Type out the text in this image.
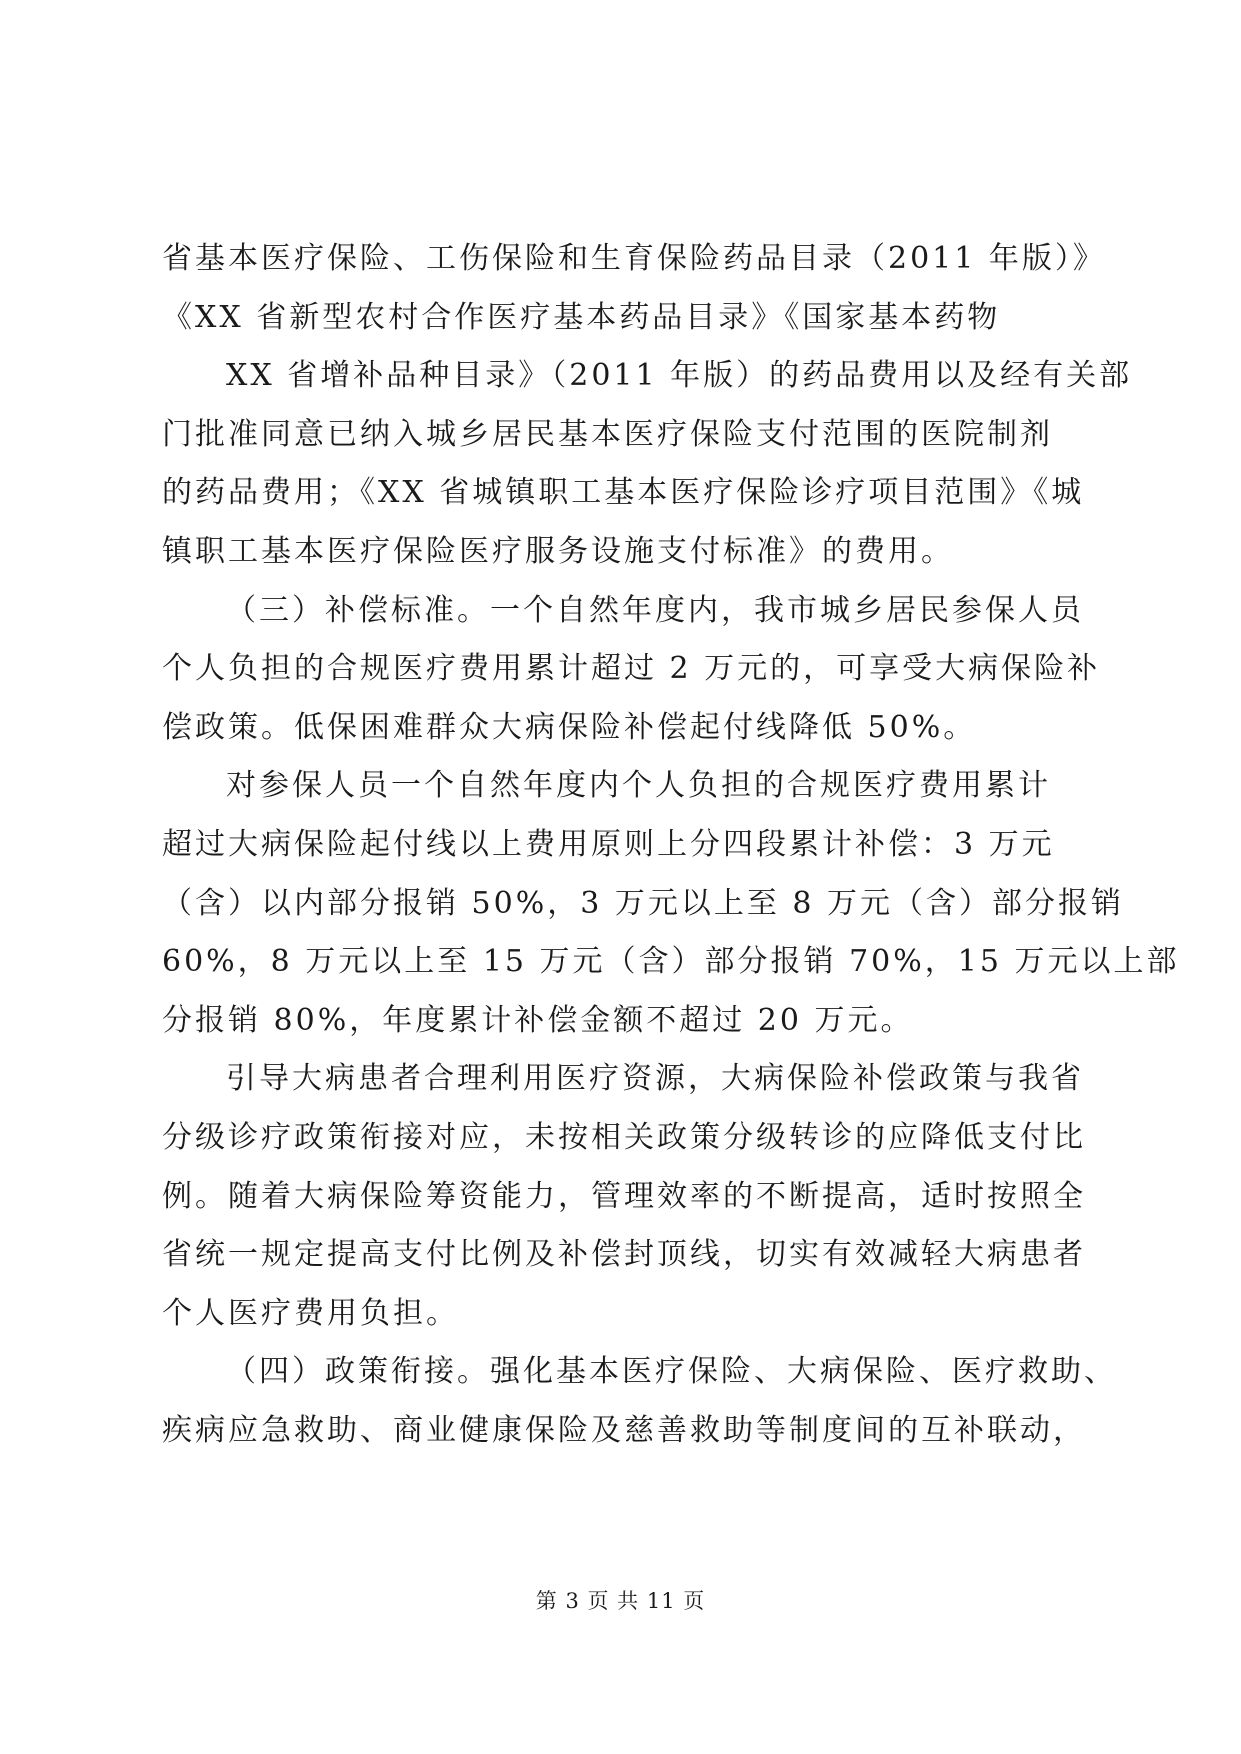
省基本医疗保险、工伤保险和生育保险药品目录（2011 年版）》
《XX 省新型农村合作医疗基本药品目录》《国家基本药物
XX 省增补品种目录》（2011 年版）的药品费用以及经有关部
门批准同意已纳入城乡居民基本医疗保险支付范围的医院制剂
的药品费用；《XX 省城镇职工基本医疗保险诊疗项目范围》《城
镇职工基本医疗保险医疗服务设施支付标准》的费用。
（三）补偿标准。一个自然年度内，我市城乡居民参保人员
个人负担的合规医疗费用累计超过 2 万元的，可享受大病保险补
偿政策。低保困难群众大病保险补偿起付线降低 50%。
对参保人员一个自然年度内个人负担的合规医疗费用累计
超过大病保险起付线以上费用原则上分四段累计补偿：3 万元
（含）以内部分报销 50%，3 万元以上至 8 万元（含）部分报销
60%，8 万元以上至 15 万元（含）部分报销 70%，15 万元以上部
分报销 80%，年度累计补偿金额不超过 20 万元。
引导大病患者合理利用医疗资源，大病保险补偿政策与我省
分级诊疗政策衔接对应，未按相关政策分级转诊的应降低支付比
例。随着大病保险筹资能力，管理效率的不断提高，适时按照全
省统一规定提高支付比例及补偿封顶线，切实有效减轻大病患者
个人医疗费用负担。
（四）政策衔接。强化基本医疗保险、大病保险、医疗救助、
疾病应急救助、商业健康保险及慈善救助等制度间的互补联动，
第 3 页 共 11 页
